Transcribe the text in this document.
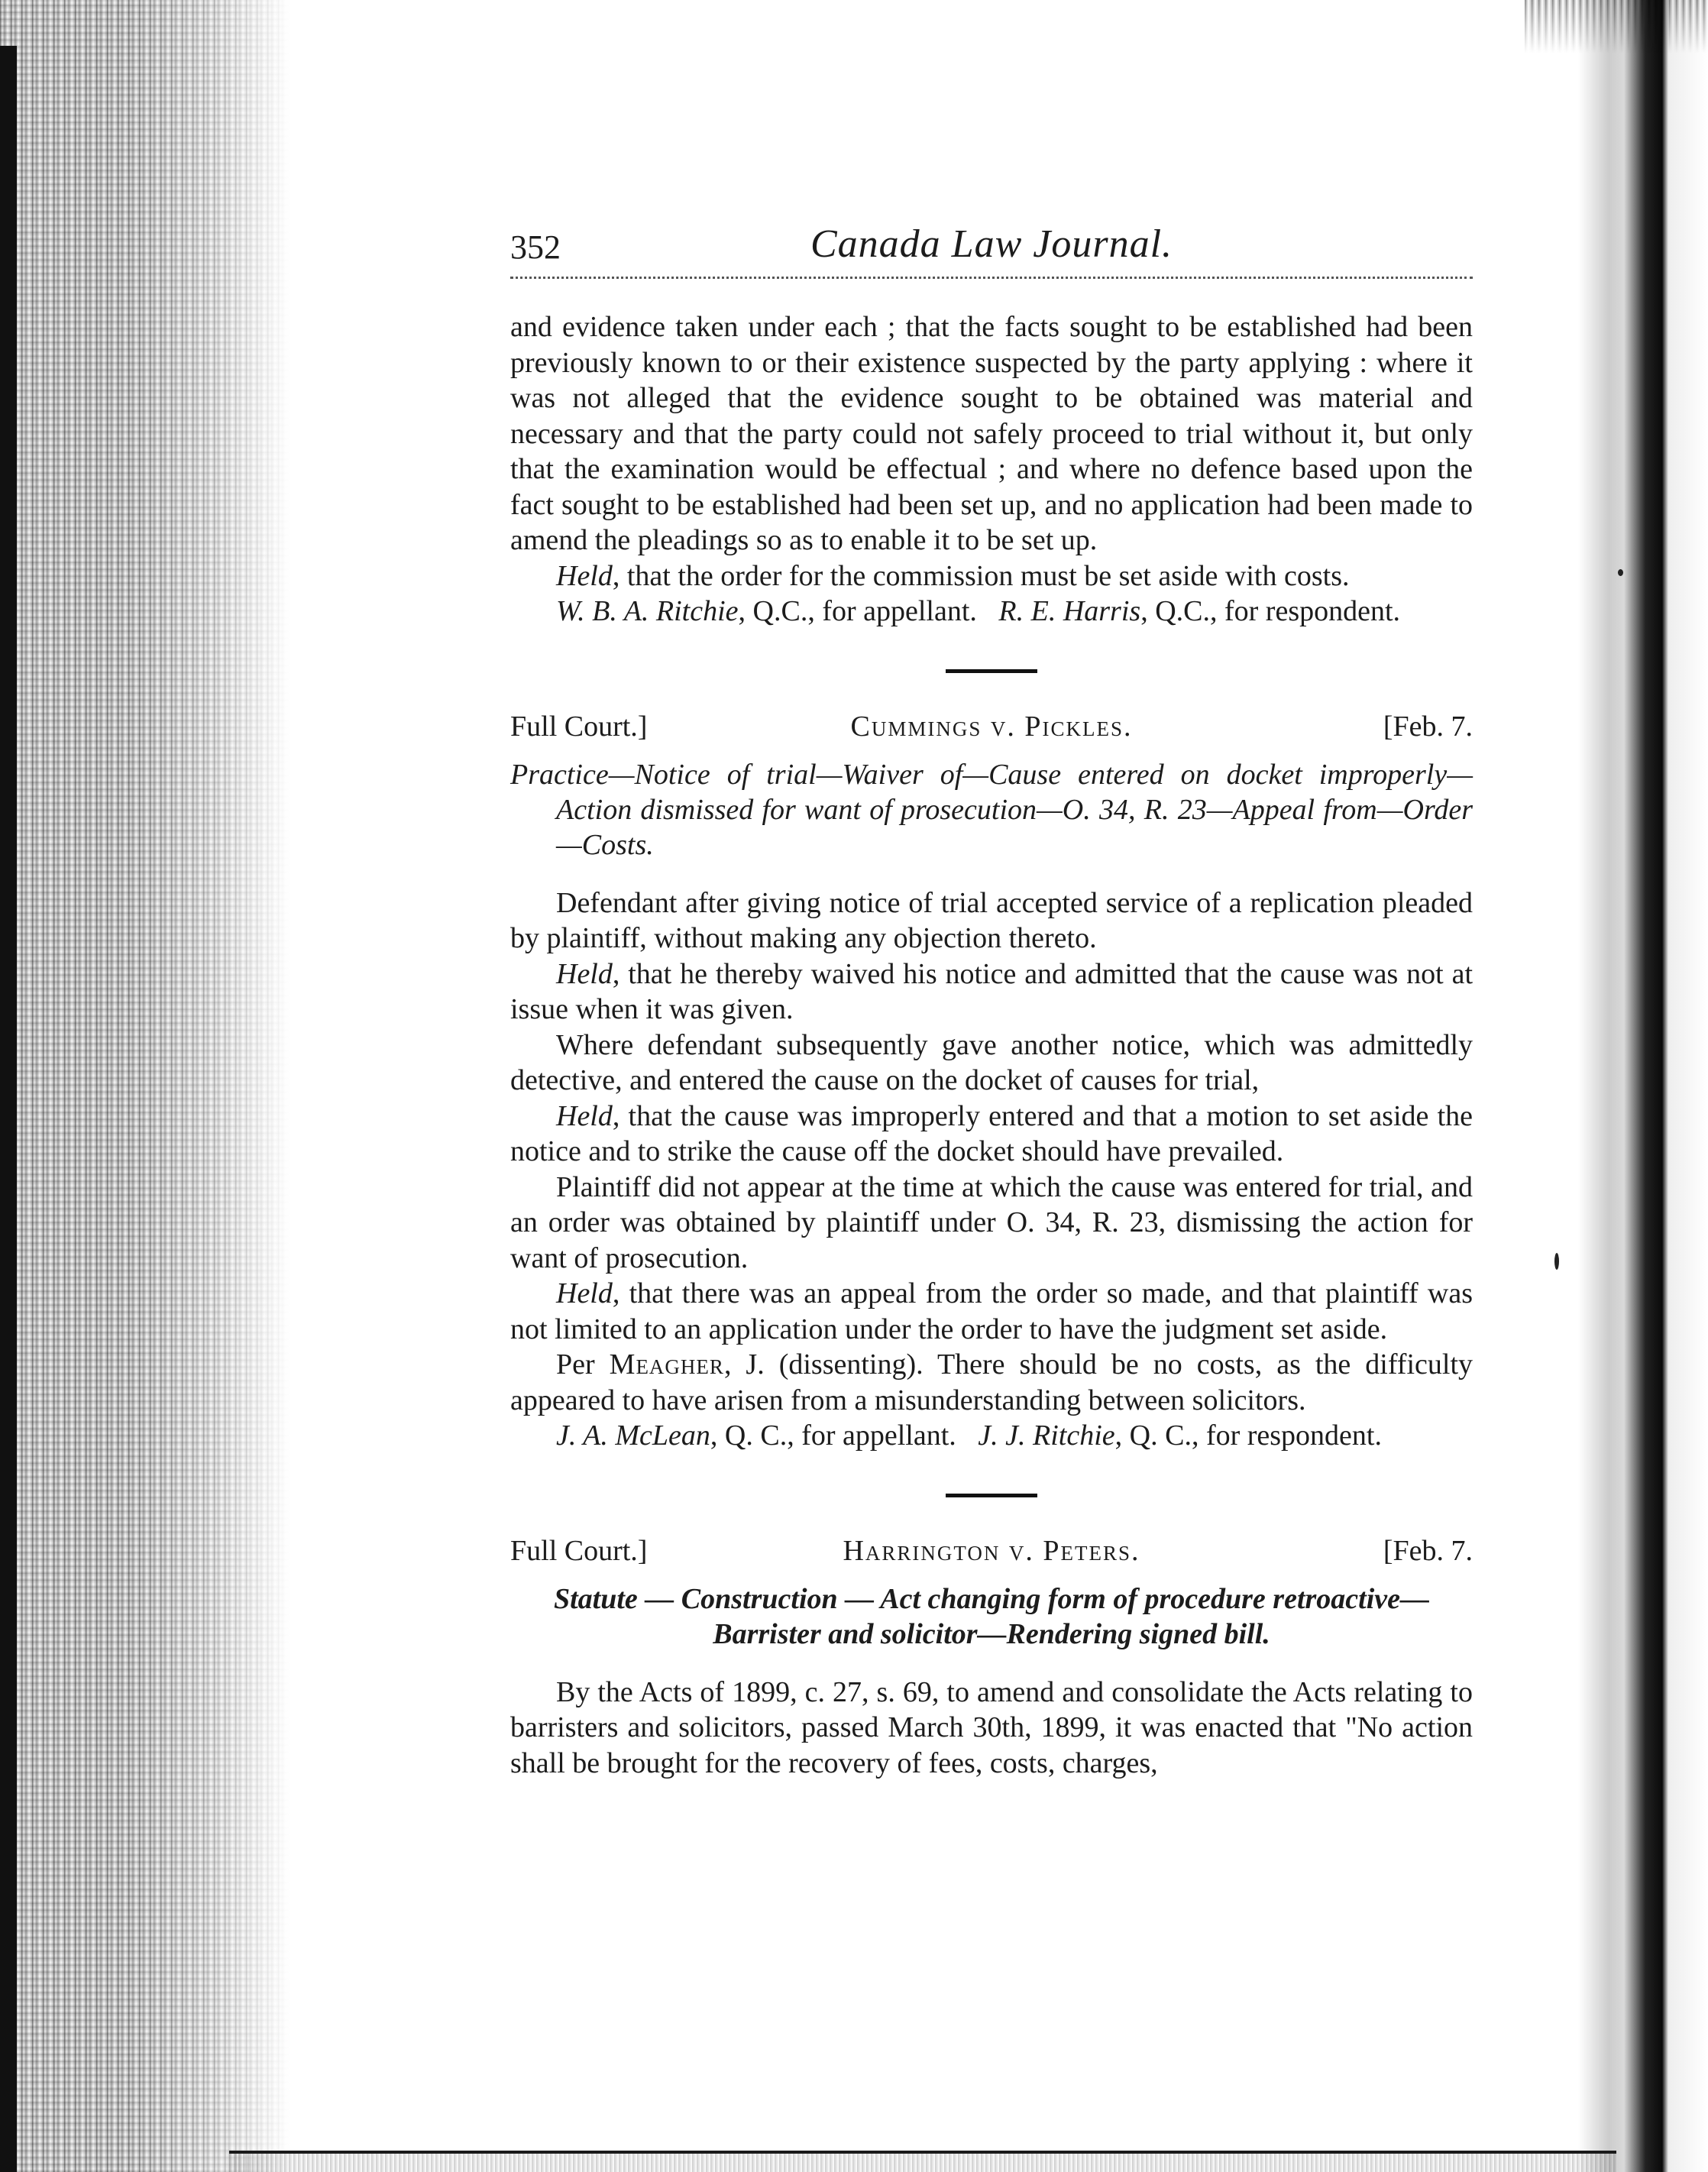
352	Canada Law Journal.

and evidence taken under each ; that the facts sought to be established had been previously known to or their existence suspected by the party applying : where it was not alleged that the evidence sought to be obtained was material and necessary and that the party could not safely proceed to trial without it, but only that the examination would be effectual ; and where no defence based upon the fact sought to be established had been set up, and no application had been made to amend the pleadings so as to enable it to be set up.

Held, that the order for the commission must be set aside with costs.

W. B. A. Ritchie, Q.C., for appellant. R. E. Harris, Q.C., for respondent.

Full Court.]	Cummings v. Pickles.	[Feb. 7.

Practice—Notice of trial—Waiver of—Cause entered on docket improperly—Action dismissed for want of prosecution—O. 34, R. 23—Appeal from—Order—Costs.

Defendant after giving notice of trial accepted service of a replication pleaded by plaintiff, without making any objection thereto.

Held, that he thereby waived his notice and admitted that the cause was not at issue when it was given.

Where defendant subsequently gave another notice, which was admittedly detective, and entered the cause on the docket of causes for trial,

Held, that the cause was improperly entered and that a motion to set aside the notice and to strike the cause off the docket should have prevailed.

Plaintiff did not appear at the time at which the cause was entered for trial, and an order was obtained by plaintiff under O. 34, R. 23, dismissing the action for want of prosecution.

Held, that there was an appeal from the order so made, and that plaintiff was not limited to an application under the order to have the judgment set aside.

Per Meagher, J. (dissenting). There should be no costs, as the difficulty appeared to have arisen from a misunderstanding between solicitors.

J. A. McLean, Q. C., for appellant. J. J. Ritchie, Q. C., for respondent.

Full Court.]	Harrington v. Peters.	[Feb. 7.

Statute — Construction — Act changing form of procedure retroactive—

Barrister and solicitor—Rendering signed bill.

By the Acts of 1899, c. 27, s. 69, to amend and consolidate the Acts relating to barristers and solicitors, passed March 30th, 1899, it was enacted that "No action shall be brought for the recovery of fees, costs, charges,
